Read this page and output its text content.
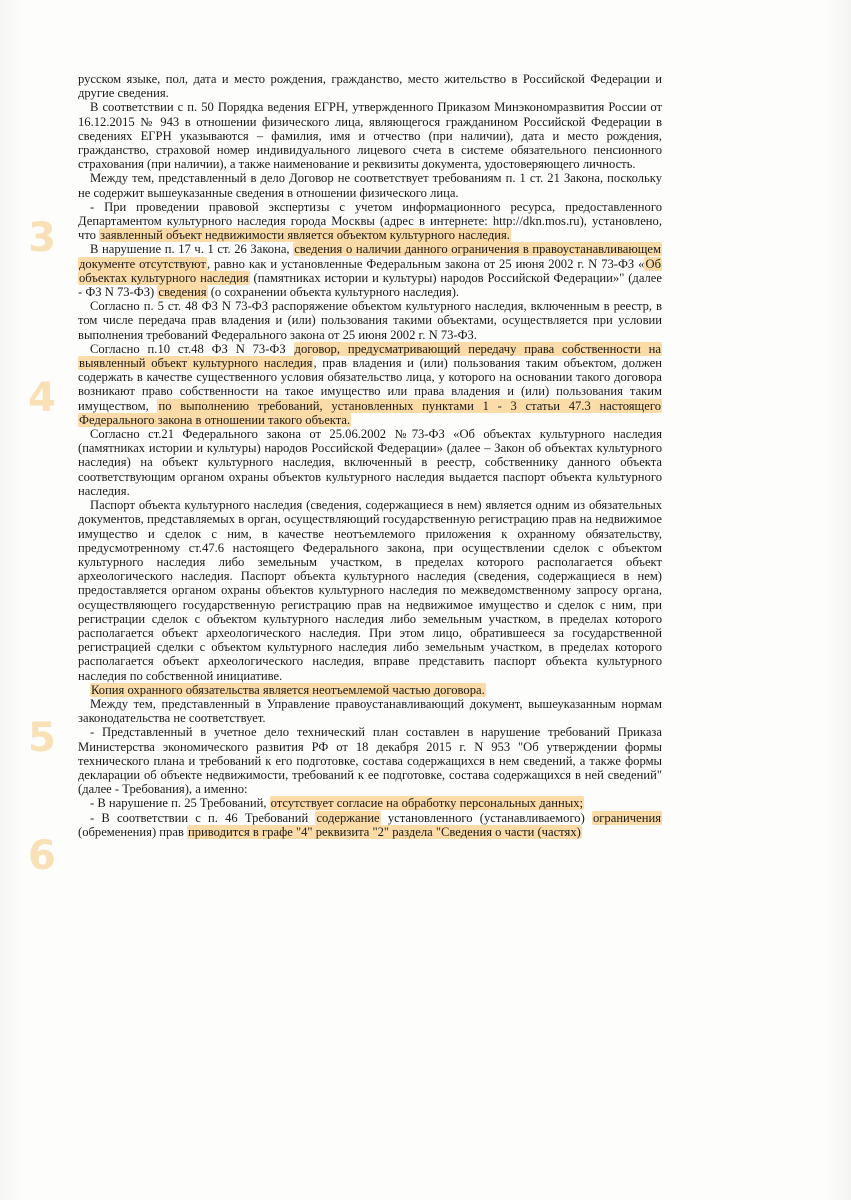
3
4
5
6

русском языке, пол, дата и место рождения, гражданство, место жительство в Российской Федерации и другие сведения.

В соответствии с п. 50 Порядка ведения ЕГРН, утвержденного Приказом Минэкономразвития России от 16.12.2015 № 943 в отношении физического лица, являющегося гражданином Российской Федерации в сведениях ЕГРН указываются – фамилия, имя и отчество (при наличии), дата и место рождения, гражданство, страховой номер индивидуального лицевого счета в системе обязательного пенсионного страхования (при наличии), а также наименование и реквизиты документа, удостоверяющего личность.

Между тем, представленный в дело Договор не соответствует требованиям п. 1 ст. 21 Закона, поскольку не содержит вышеуказанные сведения в отношении физического лица.

- При проведении правовой экспертизы с учетом информационного ресурса, предоставленного Департаментом культурного наследия города Москвы (адрес в интернете: http://dkn.mos.ru), установлено, что заявленный объект недвижимости является объектом культурного наследия.

В нарушение п. 17 ч. 1 ст. 26 Закона, сведения о наличии данного ограничения в правоустанавливающем документе отсутствуют, равно как и установленные Федеральным закона от 25 июня 2002 г. N 73-ФЗ «Об объектах культурного наследия (памятниках истории и культуры) народов Российской Федерации»" (далее - ФЗ N 73-ФЗ) сведения (о сохранении объекта культурного наследия).

Согласно п. 5 ст. 48 ФЗ N 73-ФЗ распоряжение объектом культурного наследия, включенным в реестр, в том числе передача прав владения и (или) пользования такими объектами, осуществляется при условии выполнения требований Федерального закона от 25 июня 2002 г. N 73-ФЗ.

Согласно п.10 ст.48 ФЗ N 73-ФЗ договор, предусматривающий передачу права собственности на выявленный объект культурного наследия, прав владения и (или) пользования таким объектом, должен содержать в качестве существенного условия обязательство лица, у которого на основании такого договора возникают право собственности на такое имущество или права владения и (или) пользования таким имуществом, по выполнению требований, установленных пунктами 1 - 3 статьи 47.3 настоящего Федерального закона в отношении такого объекта.

Согласно ст.21 Федерального закона от 25.06.2002 №73-ФЗ «Об объектах культурного наследия (памятниках истории и культуры) народов Российской Федерации» (далее – Закон об объектах культурного наследия) на объект культурного наследия, включенный в реестр, собственнику данного объекта соответствующим органом охраны объектов культурного наследия выдается паспорт объекта культурного наследия.

Паспорт объекта культурного наследия (сведения, содержащиеся в нем) является одним из обязательных документов, представляемых в орган, осуществляющий государственную регистрацию прав на недвижимое имущество и сделок с ним, в качестве неотъемлемого приложения к охранному обязательству, предусмотренному ст.47.6 настоящего Федерального закона, при осуществлении сделок с объектом культурного наследия либо земельным участком, в пределах которого располагается объект археологического наследия. Паспорт объекта культурного наследия (сведения, содержащиеся в нем) предоставляется органом охраны объектов культурного наследия по межведомственному запросу органа, осуществляющего государственную регистрацию прав на недвижимое имущество и сделок с ним, при регистрации сделок с объектом культурного наследия либо земельным участком, в пределах которого располагается объект археологического наследия. При этом лицо, обратившееся за государственной регистрацией сделки с объектом культурного наследия либо земельным участком, в пределах которого располагается объект археологического наследия, вправе представить паспорт объекта культурного наследия по собственной инициативе.

Копия охранного обязательства является неотъемлемой частью договора.

Между тем, представленный в Управление правоустанавливающий документ, вышеуказанным нормам законодательства не соответствует.

- Представленный в учетное дело технический план составлен в нарушение требований Приказа Министерства экономического развития РФ от 18 декабря 2015 г. N 953 "Об утверждении формы технического плана и требований к его подготовке, состава содержащихся в нем сведений, а также формы декларации об объекте недвижимости, требований к ее подготовке, состава содержащихся в ней сведений" (далее - Требования), а именно:

- В нарушение п. 25 Требований, отсутствует согласие на обработку персональных данных;

- В соответствии с п. 46 Требований содержание установленного (устанавливаемого) ограничения (обременения) прав приводится в графе "4" реквизита "2" раздела "Сведения о части (частях)
